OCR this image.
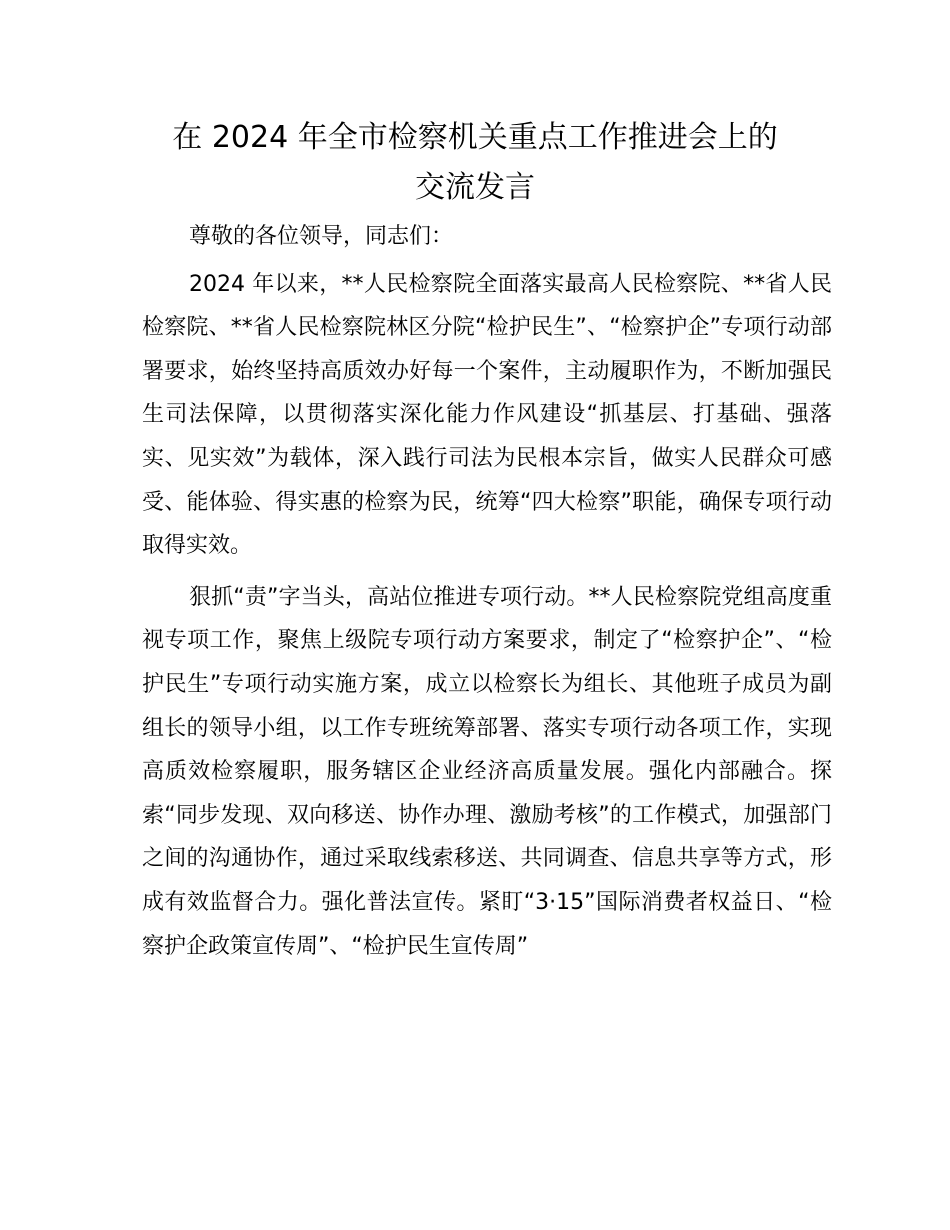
在 2024 年全市检察机关重点工作推进会上的
交流发言

尊敬的各位领导，同志们：

2024 年以来，**人民检察院全面落实最高人民检察院、**省人民检察院、**省人民检察院林区分院“检护民生”、“检察护企”专项行动部署要求，始终坚持高质效办好每一个案件，主动履职作为，不断加强民生司法保障，以贯彻落实深化能力作风建设“抓基层、打基础、强落实、见实效”为载体，深入践行司法为民根本宗旨，做实人民群众可感受、能体验、得实惠的检察为民，统筹“四大检察”职能，确保专项行动取得实效。

狠抓“责”字当头，高站位推进专项行动。**人民检察院党组高度重视专项工作，聚焦上级院专项行动方案要求，制定了“检察护企”、“检护民生”专项行动实施方案，成立以检察长为组长、其他班子成员为副组长的领导小组，以工作专班统筹部署、落实专项行动各项工作，实现高质效检察履职，服务辖区企业经济高质量发展。强化内部融合。探索“同步发现、双向移送、协作办理、激励考核”的工作模式，加强部门之间的沟通协作，通过采取线索移送、共同调查、信息共享等方式，形成有效监督合力。强化普法宣传。紧盯“3·15”国际消费者权益日、“检察护企政策宣传周”、“检护民生宣传周”
